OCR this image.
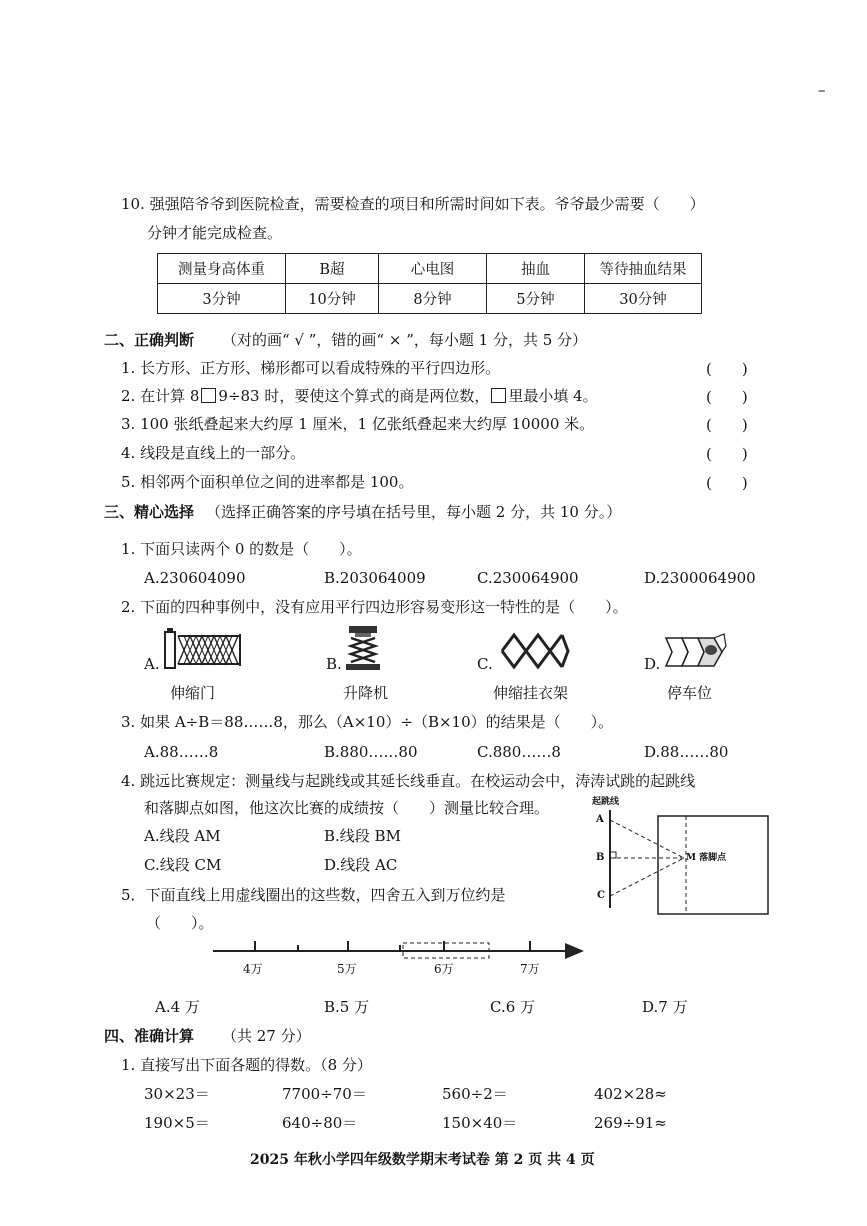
–
10. 强强陪爷爷到医院检查，需要检查的项目和所需时间如下表。爷爷最少需要（　　）
分钟才能完成检查。
测量身高体重	B超	心电图	抽血	等待抽血结果
3分钟	10分钟	8分钟	5分钟	30分钟
二、正确判断 （对的画“ √ ”，错的画“ × ”，每小题 1 分，共 5 分）
1. 长方形、正方形、梯形都可以看成特殊的平行四边形。
2. 在计算 8 9÷83 时，要使这个算式的商是两位数， 里最小填 4。
3. 100 张纸叠起来大约厚 1 厘米，1 亿张纸叠起来大约厚 10000 米。
4. 线段是直线上的一部分。
5. 相邻两个面积单位之间的进率都是 100。
(　　)
(　　)
(　　)
(　　)
(　　)
三、精心选择 （选择正确答案的序号填在括号里，每小题 2 分，共 10 分。）
1. 下面只读两个 0 的数是（　　）。
A.230604090	B.203064009	C.230064900	D.2300064900
2. 下面的四种事例中，没有应用平行四边形容易变形这一特性的是（　　）。
A.
伸缩门
B.
升降机
C.
伸缩挂衣架
D.
停车位
3. 如果 A÷B＝88……8，那么（A×10）÷（B×10）的结果是（　　）。
A.88……8	B.880……80	C.880……8	D.88……80
4. 跳远比赛规定：测量线与起跳线或其延长线垂直。在校运动会中，涛涛试跳的起跳线
和落脚点如图，他这次比赛的成绩按（　　）测量比较合理。
A.线段 AM	B.线段 BM
C.线段 CM	D.线段 AC
起跳线
A
B
C
M 落脚点
5．下面直线上用虚线圈出的这些数，四舍五入到万位约是
（　　）。
4万	5万	6万	7万
A.4 万	B.5 万	C.6 万	D.7 万
四、准确计算 （共 27 分）
1. 直接写出下面各题的得数。（8 分）
30×23＝	7700÷70＝	560÷2＝	402×28≈
190×5＝	640÷80＝	150×40＝	269÷91≈
2025 年秋小学四年级数学期末考试卷 第 2 页 共 4 页
